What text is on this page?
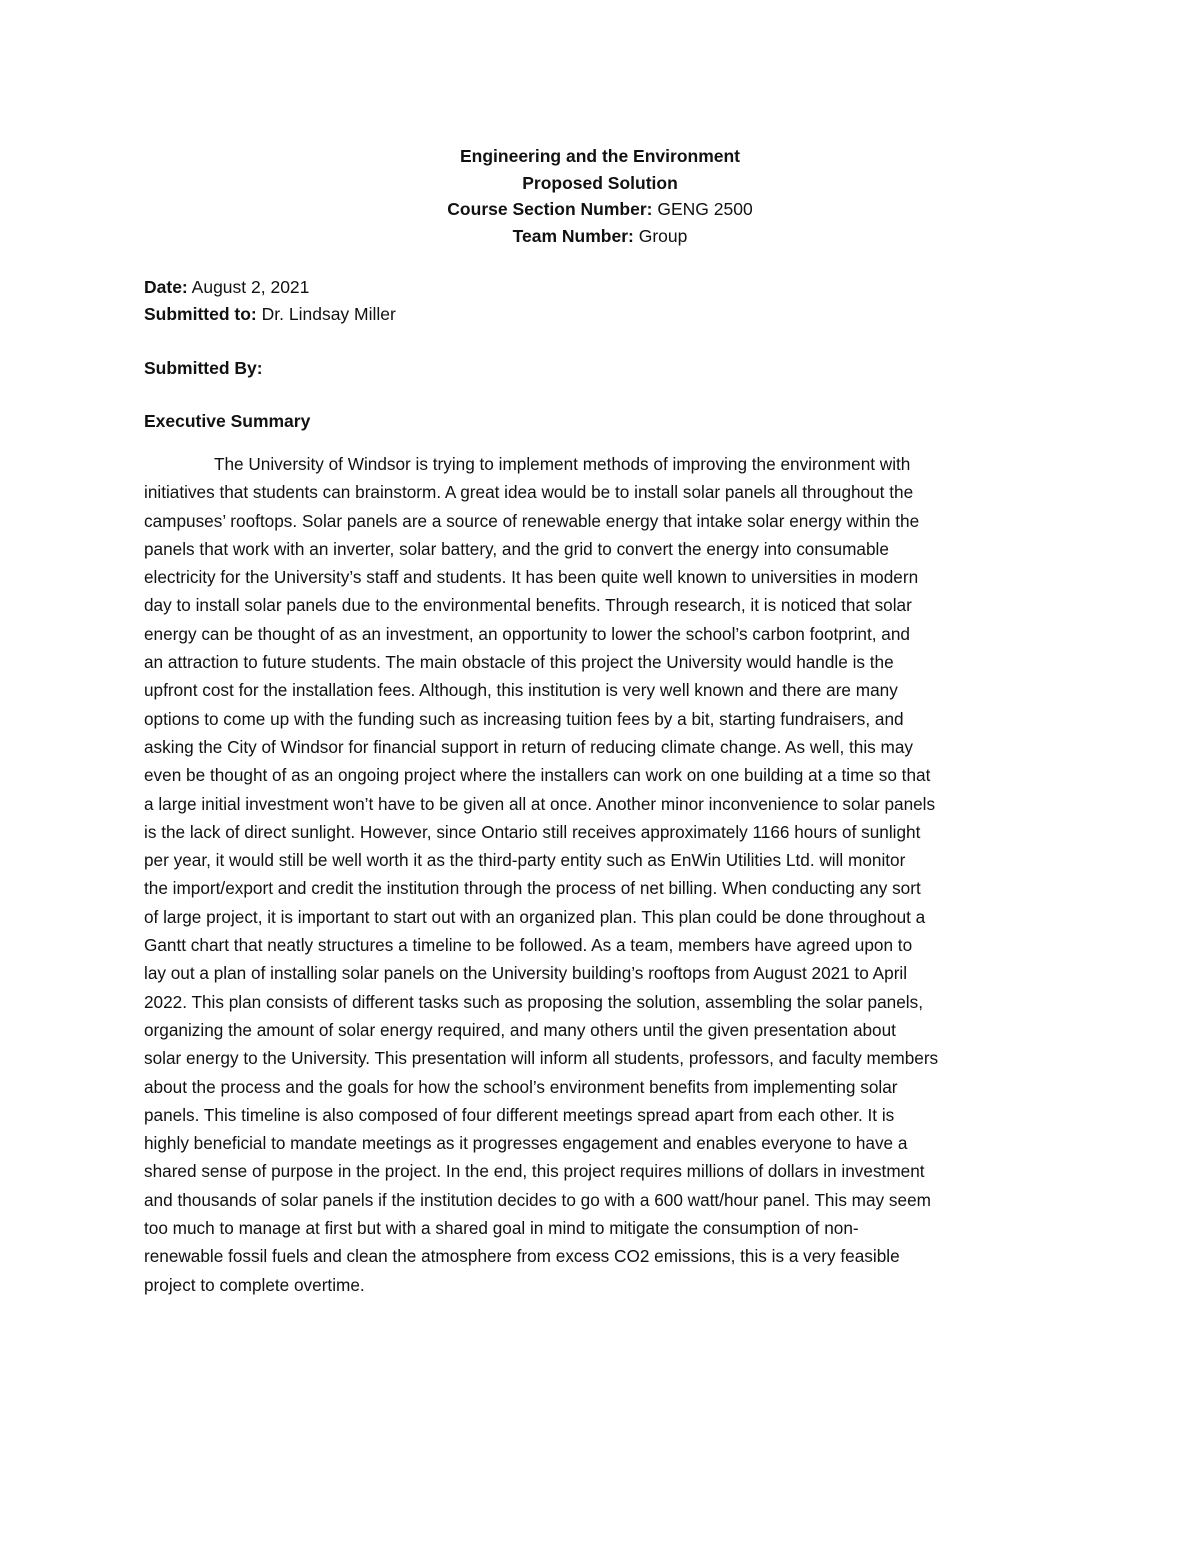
Engineering and the Environment
Proposed Solution
Course Section Number: GENG 2500
Team Number: Group
Date: August 2, 2021
Submitted to: Dr. Lindsay Miller
Submitted By:
Executive Summary
The University of Windsor is trying to implement methods of improving the environment with
initiatives that students can brainstorm. A great idea would be to install solar panels all throughout the
campuses’ rooftops. Solar panels are a source of renewable energy that intake solar energy within the
panels that work with an inverter, solar battery, and the grid to convert the energy into consumable
electricity for the University’s staff and students. It has been quite well known to universities in modern
day to install solar panels due to the environmental benefits. Through research, it is noticed that solar
energy can be thought of as an investment, an opportunity to lower the school’s carbon footprint, and
an attraction to future students. The main obstacle of this project the University would handle is the
upfront cost for the installation fees. Although, this institution is very well known and there are many
options to come up with the funding such as increasing tuition fees by a bit, starting fundraisers, and
asking the City of Windsor for financial support in return of reducing climate change. As well, this may
even be thought of as an ongoing project where the installers can work on one building at a time so that
a large initial investment won’t have to be given all at once. Another minor inconvenience to solar panels
is the lack of direct sunlight. However, since Ontario still receives approximately 1166 hours of sunlight
per year, it would still be well worth it as the third-party entity such as EnWin Utilities Ltd. will monitor
the import/export and credit the institution through the process of net billing. When conducting any sort
of large project, it is important to start out with an organized plan. This plan could be done throughout a
Gantt chart that neatly structures a timeline to be followed. As a team, members have agreed upon to
lay out a plan of installing solar panels on the University building’s rooftops from August 2021 to April
2022. This plan consists of different tasks such as proposing the solution, assembling the solar panels,
organizing the amount of solar energy required, and many others until the given presentation about
solar energy to the University. This presentation will inform all students, professors, and faculty members
about the process and the goals for how the school’s environment benefits from implementing solar
panels. This timeline is also composed of four different meetings spread apart from each other. It is
highly beneficial to mandate meetings as it progresses engagement and enables everyone to have a
shared sense of purpose in the project. In the end, this project requires millions of dollars in investment
and thousands of solar panels if the institution decides to go with a 600 watt/hour panel. This may seem
too much to manage at first but with a shared goal in mind to mitigate the consumption of non-
renewable fossil fuels and clean the atmosphere from excess CO2 emissions, this is a very feasible
project to complete overtime.
